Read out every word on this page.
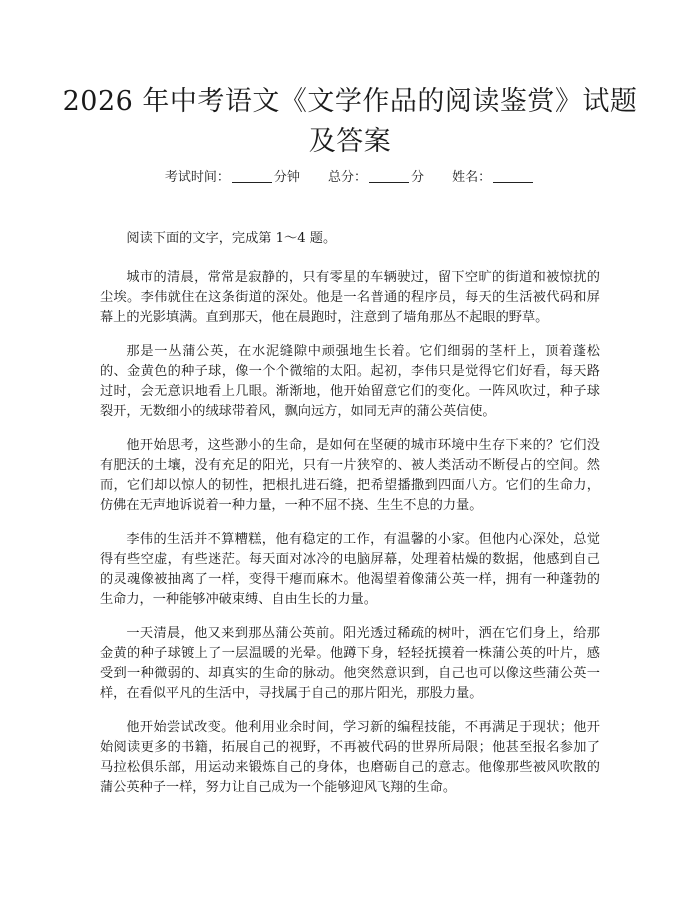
2026 年中考语文《文学作品的阅读鉴赏》试题及答案
考试时间：	分钟 总分：	分 姓名：

阅读下面的文字，完成第 1～4 题。

城市的清晨，常常是寂静的，只有零星的车辆驶过，留下空旷的街道和被惊扰的尘埃。李伟就住在这条街道的深处。他是一名普通的程序员，每天的生活被代码和屏幕上的光影填满。直到那天，他在晨跑时，注意到了墙角那丛不起眼的野草。

那是一丛蒲公英，在水泥缝隙中顽强地生长着。它们细弱的茎杆上，顶着蓬松的、金黄色的种子球，像一个个微缩的太阳。起初，李伟只是觉得它们好看，每天路过时，会无意识地看上几眼。渐渐地，他开始留意它们的变化。一阵风吹过，种子球裂开，无数细小的绒球带着风，飘向远方，如同无声的蒲公英信使。

他开始思考，这些渺小的生命，是如何在坚硬的城市环境中生存下来的？它们没有肥沃的土壤，没有充足的阳光，只有一片狭窄的、被人类活动不断侵占的空间。然而，它们却以惊人的韧性，把根扎进石缝，把希望播撒到四面八方。它们的生命力，仿佛在无声地诉说着一种力量，一种不屈不挠、生生不息的力量。

李伟的生活并不算糟糕，他有稳定的工作，有温馨的小家。但他内心深处，总觉得有些空虚，有些迷茫。每天面对冰冷的电脑屏幕，处理着枯燥的数据，他感到自己的灵魂像被抽离了一样，变得干瘪而麻木。他渴望着像蒲公英一样，拥有一种蓬勃的生命力，一种能够冲破束缚、自由生长的力量。

一天清晨，他又来到那丛蒲公英前。阳光透过稀疏的树叶，洒在它们身上，给那金黄的种子球镀上了一层温暖的光晕。他蹲下身，轻轻抚摸着一株蒲公英的叶片，感受到一种微弱的、却真实的生命的脉动。他突然意识到，自己也可以像这些蒲公英一样，在看似平凡的生活中，寻找属于自己的那片阳光，那股力量。

他开始尝试改变。他利用业余时间，学习新的编程技能，不再满足于现状；他开始阅读更多的书籍，拓展自己的视野，不再被代码的世界所局限；他甚至报名参加了马拉松俱乐部，用运动来锻炼自己的身体，也磨砺自己的意志。他像那些被风吹散的蒲公英种子一样，努力让自己成为一个能够迎风飞翔的生命。
